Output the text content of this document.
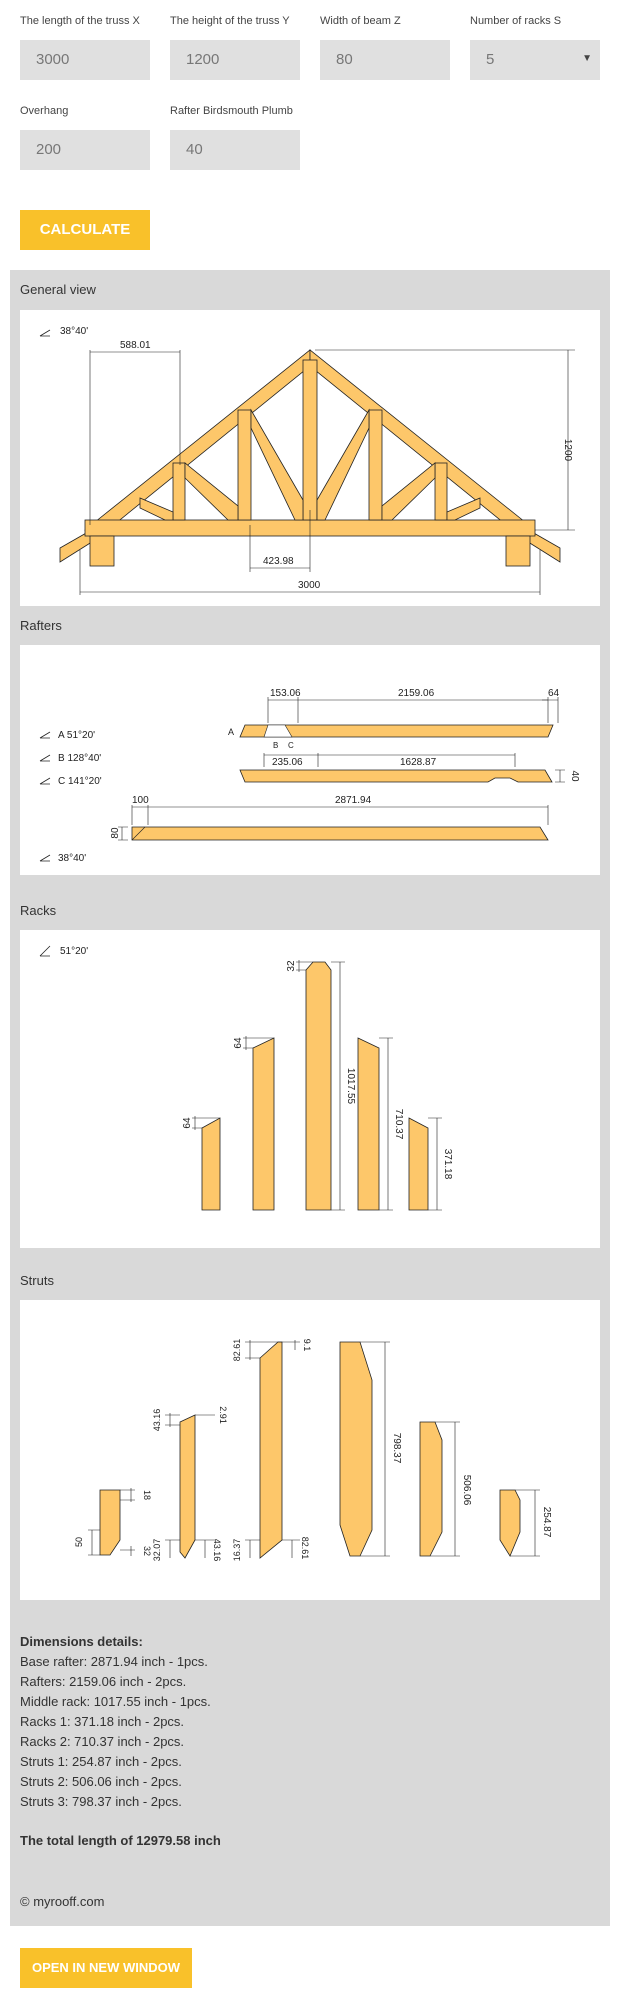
The length of the truss X
3000
The height of the truss Y
1200
Width of beam Z
80
Number of racks S
5	▼
Overhang
200
Rafter Birdsmouth Plumb
40
CALCULATE
General view
38°40'
588.01
1200
423.98
3000
Rafters
A 51°20'
B 128°40'
C 141°20'
38°40'
A
B C
153.06	2159.06	64
235.06	1628.87
40
100	2871.94
80
Racks
51°20'
64
64
32
1017.55
710.37
371.18
Struts
18
32
50
43.16	2.91
32.07	43.16
82.61	9.1
16.37	82.61
798.37
506.06
254.87
Dimensions details:
Base rafter: 2871.94 inch - 1pcs.
Rafters: 2159.06 inch - 2pcs.
Middle rack: 1017.55 inch - 1pcs.
Racks 1: 371.18 inch - 2pcs.
Racks 2: 710.37 inch - 2pcs.
Struts 1: 254.87 inch - 2pcs.
Struts 2: 506.06 inch - 2pcs.
Struts 3: 798.37 inch - 2pcs.
The total length of 12979.58 inch
© myrooff.com
OPEN IN NEW WINDOW
